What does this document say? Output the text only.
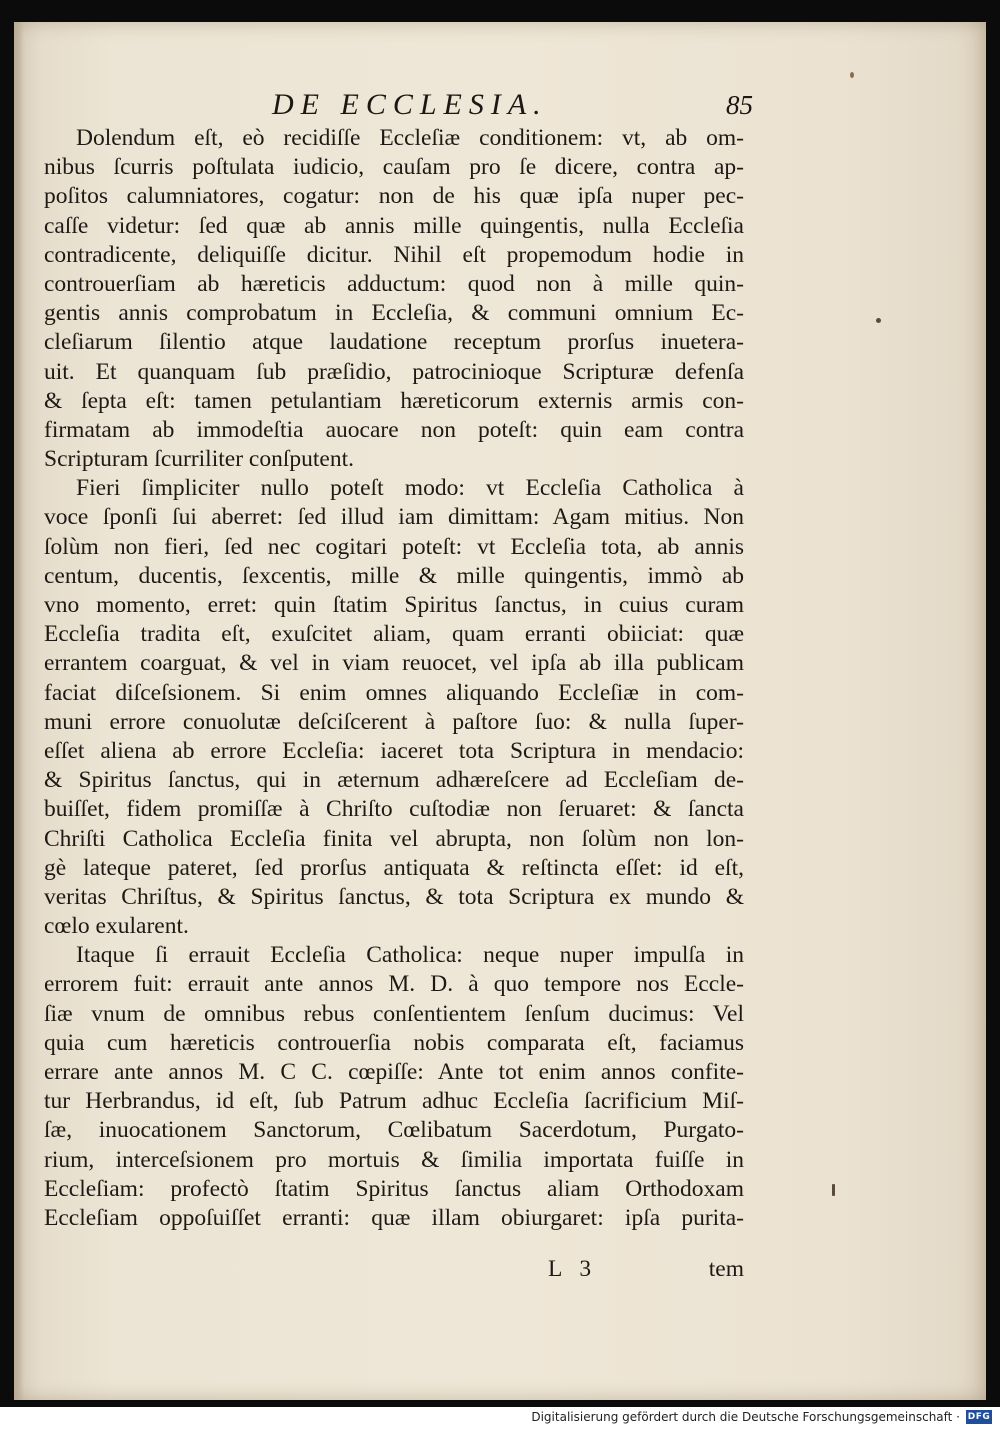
DE ECCLESIA.	85
Dolendum eſt, eò recidiſſe Eccleſiæ conditionem: vt, ab om-
nibus ſcurris poſtulata iudicio, cauſam pro ſe dicere, contra ap-
poſitos calumniatores, cogatur: non de his quæ ipſa nuper pec-
caſſe videtur: ſed quæ ab annis mille quingentis, nulla Eccleſia
contradicente, deliquiſſe dicitur. Nihil eſt propemodum hodie in
controuerſiam ab hæreticis adductum: quod non à mille quin-
gentis annis comprobatum in Eccleſia, & communi omnium Ec-
cleſiarum ſilentio atque laudatione receptum prorſus inuetera-
uit. Et quanquam ſub præſidio, patrocinioque Scripturæ defenſa
& ſepta eſt: tamen petulantiam hæreticorum externis armis con-
firmatam ab immodeſtia auocare non poteſt: quin eam contra
Scripturam ſcurriliter conſputent.
Fieri ſimpliciter nullo poteſt modo: vt Eccleſia Catholica à
voce ſponſi ſui aberret: ſed illud iam dimittam: Agam mitius. Non
ſolùm non fieri, ſed nec cogitari poteſt: vt Eccleſia tota, ab annis
centum, ducentis, ſexcentis, mille & mille quingentis, immò ab
vno momento, erret: quin ſtatim Spiritus ſanctus, in cuius curam
Eccleſia tradita eſt, exuſcitet aliam, quam erranti obiiciat: quæ
errantem coarguat, & vel in viam reuocet, vel ipſa ab illa publicam
faciat diſceſsionem. Si enim omnes aliquando Eccleſiæ in com-
muni errore conuolutæ deſciſcerent à paſtore ſuo: & nulla ſuper-
eſſet aliena ab errore Eccleſia: iaceret tota Scriptura in mendacio:
& Spiritus ſanctus, qui in æternum adhæreſcere ad Eccleſiam de-
buiſſet, fidem promiſſæ à Chriſto cuſtodiæ non ſeruaret: & ſancta
Chriſti Catholica Eccleſia finita vel abrupta, non ſolùm non lon-
gè lateque pateret, ſed prorſus antiquata & reſtincta eſſet: id eſt,
veritas Chriſtus, & Spiritus ſanctus, & tota Scriptura ex mundo &
cœlo exularent.
Itaque ſi errauit Eccleſia Catholica: neque nuper impulſa in
errorem fuit: errauit ante annos M. D. à quo tempore nos Eccle-
ſiæ vnum de omnibus rebus conſentientem ſenſum ducimus: Vel
quia cum hæreticis controuerſia nobis comparata eſt, faciamus
errare ante annos M. C C. cœpiſſe: Ante tot enim annos confite-
tur Herbrandus, id eſt, ſub Patrum adhuc Eccleſia ſacrificium Miſ-
ſæ, inuocationem Sanctorum, Cœlibatum Sacerdotum, Purgato-
rium, interceſsionem pro mortuis & ſimilia importata fuiſſe in
Eccleſiam: profectò ſtatim Spiritus ſanctus aliam Orthodoxam
Eccleſiam oppoſuiſſet erranti: quæ illam obiurgaret: ipſa purita-
L 3	tem
Digitalisierung gefördert durch die Deutsche Forschungsgemeinschaft · DFG
